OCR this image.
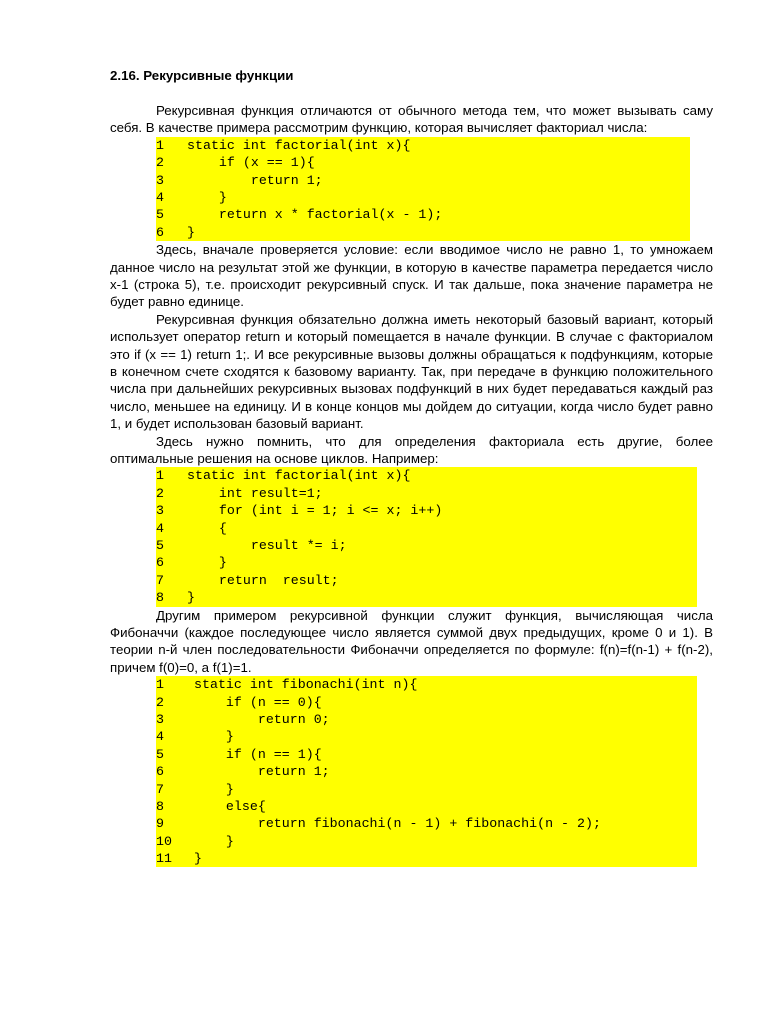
2.16. Рекурсивные функции

Рекурсивная функция отличаются от обычного метода тем, что может вызывать саму себя. В качестве примера рассмотрим функцию, которая вычисляет факториал числа:

1 static int factorial(int x){
2    if (x == 1){
3        return 1;
4    }
5    return x * factorial(x - 1);
6 }

Здесь, вначале проверяется условие: если вводимое число не равно 1, то умножаем данное число на результат этой же функции, в которую в качестве параметра передается число x-1 (строка 5), т.е. происходит рекурсивный спуск. И так дальше, пока значение параметра не будет равно единице.

Рекурсивная функция обязательно должна иметь некоторый базовый вариант, который использует оператор return и который помещается в начале функции. В случае с факториалом это if (x == 1) return 1;. И все рекурсивные вызовы должны обращаться к подфункциям, которые в конечном счете сходятся к базовому варианту. Так, при передаче в функцию положительного числа при дальнейших рекурсивных вызовах подфункций в них будет передаваться каждый раз число, меньшее на единицу. И в конце концов мы дойдем до ситуации, когда число будет равно 1, и будет использован базовый вариант.

Здесь нужно помнить, что для определения факториала есть другие, более оптимальные решения на основе циклов. Например:

1 static int factorial(int x){
2    int result=1;
3    for (int i = 1; i <= x; i++)
4    {
5        result *= i;
6    }
7    return  result;
8 }

Другим примером рекурсивной функции служит функция, вычисляющая числа Фибоначчи (каждое последующее число является суммой двух предыдущих, кроме 0 и 1). В теории n-й член последовательности Фибоначчи определяется по формуле: f(n)=f(n-1) + f(n-2), причем f(0)=0, а f(1)=1.

1 static int fibonachi(int n){
2    if (n == 0){
3        return 0;
4    }
5    if (n == 1){
6        return 1;
7    }
8    else{
9        return fibonachi(n - 1) + fibonachi(n - 2);
10    }
11 }
